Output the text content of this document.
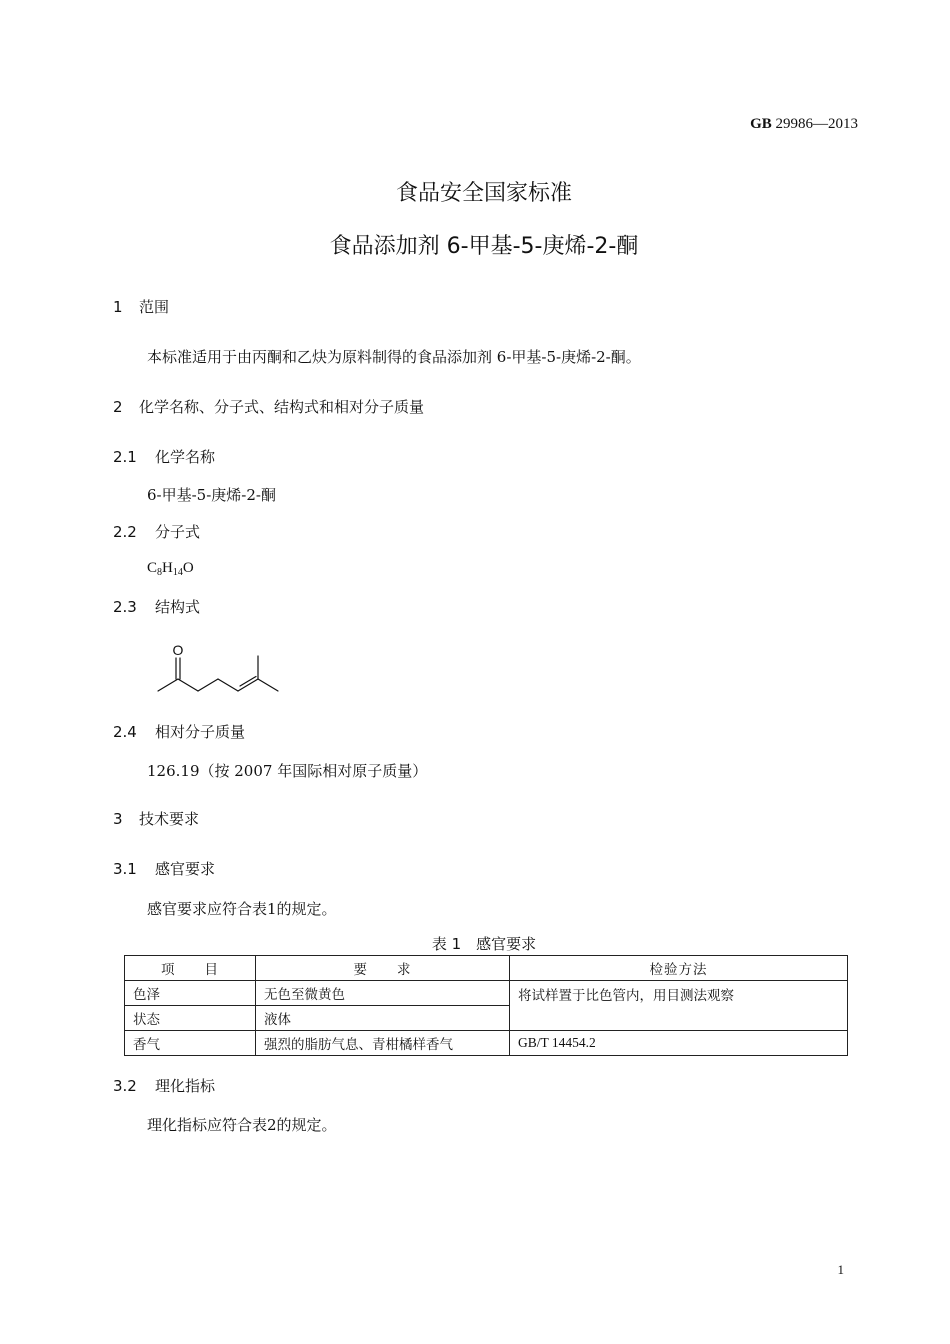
GB 29986—2013
食品安全国家标准
食品添加剂 6-甲基-5-庚烯-2-酮
1 范围
本标准适用于由丙酮和乙炔为原料制得的食品添加剂 6-甲基-5-庚烯-2-酮。
2 化学名称、分子式、结构式和相对分子质量
2.1 化学名称
6-甲基-5-庚烯-2-酮
2.2 分子式
$C_8H_{14}O$
2.3 结构式
O
2.4 相对分子质量
126.19（按 2007 年国际相对原子质量）
3 技术要求
3.1 感官要求
感官要求应符合表1的规定。
表 1　感官要求
项　　目	要　　求	检验方法
色泽	无色至微黄色	将试样置于比色管内，用目测法观察
状态	液体	
香气	强烈的脂肪气息、青柑橘样香气	GB/T 14454.2
3.2 理化指标
理化指标应符合表2的规定。
1
